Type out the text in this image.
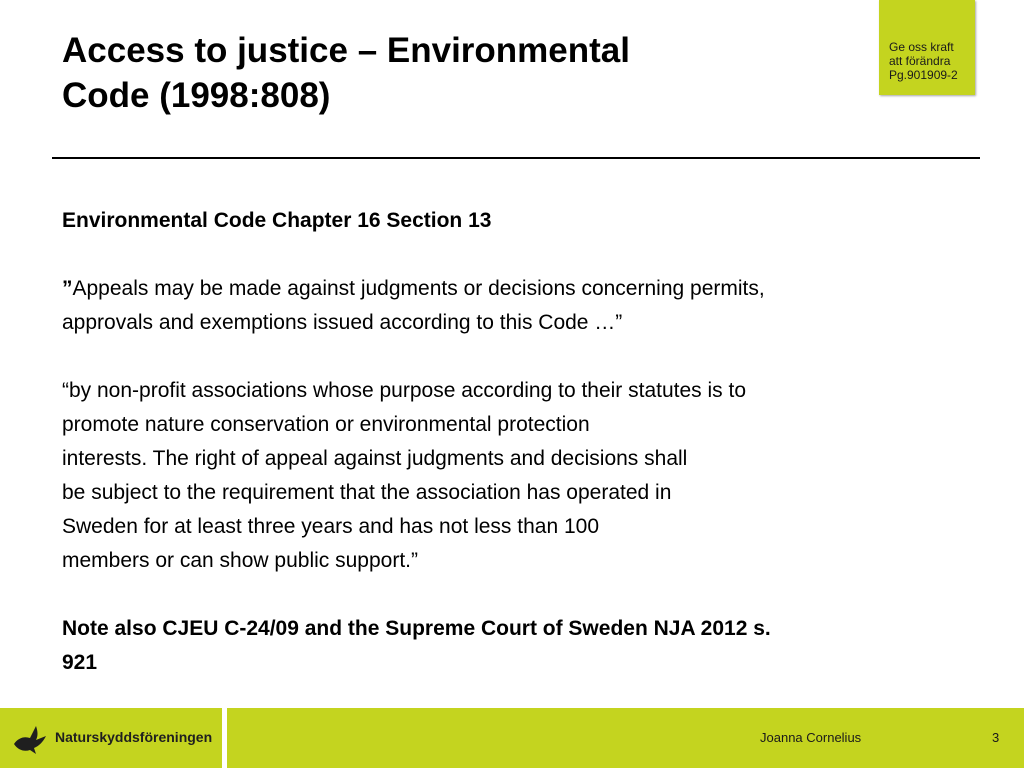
Access to justice – Environmental
Code (1998:808)
Ge oss kraft
att förändra
Pg.901909-2
Environmental Code Chapter 16 Section 13
”Appeals may be made against judgments or decisions concerning permits,
approvals and exemptions issued according to this Code …”
“by non-profit associations whose purpose according to their statutes is to
promote nature conservation or environmental protection
interests. The right of appeal against judgments and decisions shall
be subject to the requirement that the association has operated in
Sweden for at least three years and has not less than 100
members or can show public support.”
Note also CJEU C-24/09 and the Supreme Court of Sweden NJA 2012 s.
921
Naturskyddsföreningen	Joanna Cornelius	3
